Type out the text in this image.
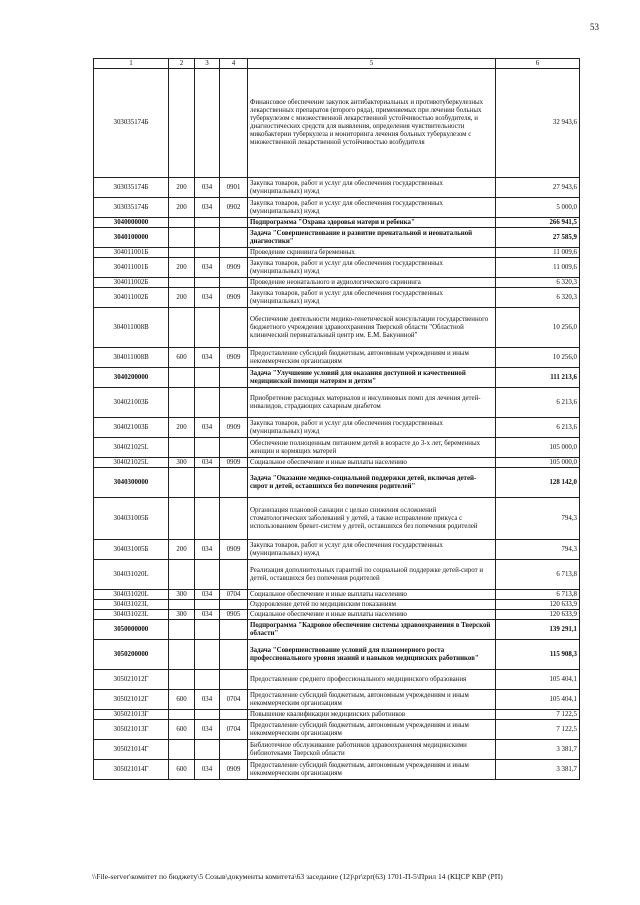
53
1	2	3	4	5	6
303035174Б				Финансовое обеспечение закупок антибактериальных и противотуберкулезных лекарственных препаратов (второго ряда), применяемых при лечении больных туберкулезом с множественной лекарственной устойчивостью возбудителя, и диагностических средств для выявления, определения чувствительности микобактерии туберкулеза и мониторинга лечения больных туберкулезом с множественной лекарственной устойчивостью возбудителя	32 943,6
303035174Б	200	034	0901	Закупка товаров, работ и услуг для обеспечения государственных (муниципальных) нужд	27 943,6
303035174Б	200	034	0902	Закупка товаров, работ и услуг для обеспечения государственных (муниципальных) нужд	5 000,0
3040000000				Подпрограмма "Охрана здоровья матери и ребенка"	266 941,5
3040100000				Задача "Совершенствование и развитие пренатальной и неонатальной диагностики"	27 585,9
304011001Б				Проведение скрининга беременных	11 009,6
304011001Б	200	034	0909	Закупка товаров, работ и услуг для обеспечения государственных (муниципальных) нужд	11 009,6
304011002Б				Проведение неонатального и аудиологического скрининга	6 320,3
304011002Б	200	034	0909	Закупка товаров, работ и услуг для обеспечения государственных (муниципальных) нужд	6 320,3
304011008В				Обеспечение деятельности медико-генетической консультации государственного бюджетного учреждения здравоохранения Тверской области "Областной клинический перинатальный центр им. Е.М. Бакуниной"	10 256,0
304011008В	600	034	0909	Предоставление субсидий бюджетным, автономным учреждениям и иным некоммерческим организациям	10 256,0
3040200000				Задача "Улучшение условий для оказания доступной и качественной медицинской помощи матерям и детям"	111 213,6
304021003Б				Приобретение расходных материалов и инсулиновых помп для лечения детей-инвалидов, страдающих сахарным диабетом	6 213,6
304021003Б	200	034	0909	Закупка товаров, работ и услуг для обеспечения государственных (муниципальных) нужд	6 213,6
304021025L				Обеспечение полноценным питанием детей в возрасте до 3-х лет, беременных женщин и кормящих матерей	105 000,0
304021025L	300	034	0909	Социальное обеспечение и иные выплаты населению	105 000,0
3040300000				Задача "Оказание медико-социальной поддержки детей, включая детей-сирот и детей, оставшихся без попечения родителей"	128 142,0
304031005Б				Организация плановой санации с целью снижения осложнений стоматологических заболеваний у детей, а также исправление прикуса с использованием брекет-систем у детей, оставшихся без попечения родителей	794,3
304031005Б	200	034	0909	Закупка товаров, работ и услуг для обеспечения государственных (муниципальных) нужд	794,3
304031020L				Реализация дополнительных гарантий по социальной поддержке детей-сирот и детей, оставшихся без попечения родителей	6 713,8
304031020L	300	034	0704	Социальное обеспечение и иные выплаты населению	6 713,8
304031023L				Оздоровление детей по медицинским показаниям	120 633,9
304031023L	300	034	0905	Социальное обеспечение и иные выплаты населению	120 633,9
3050000000				Подпрограмма "Кадровое обеспечение системы здравоохранения в Тверской области"	139 291,1
3050200000				Задача "Совершенствование условий для планомерного роста профессионального уровня знаний и навыков медицинских работников"	115 908,3
305021012Г				Предоставление среднего профессионального медицинского образования	105 404,1
305021012Г	600	034	0704	Предоставление субсидий бюджетным, автономным учреждениям и иным некоммерческим организациям	105 404,1
305021013Г				Повышение квалификации медицинских работников	7 122,5
305021013Г	600	034	0704	Предоставление субсидий бюджетным, автономным учреждениям и иным некоммерческим организациям	7 122,5
305021014Г				Библиотечное обслуживание работников здравоохранения медицинскими библиотеками Тверской области	3 381,7
305021014Г	600	034	0909	Предоставление субсидий бюджетным, автономным учреждениям и иным некоммерческим организациям	3 381,7
\\File-server\комитет по бюджету\5 Созыв\документы комитета\63 заседание (12)\pr\zpr(63) 1701-П-5\Прил 14 (КЦСР КВР (РП)
